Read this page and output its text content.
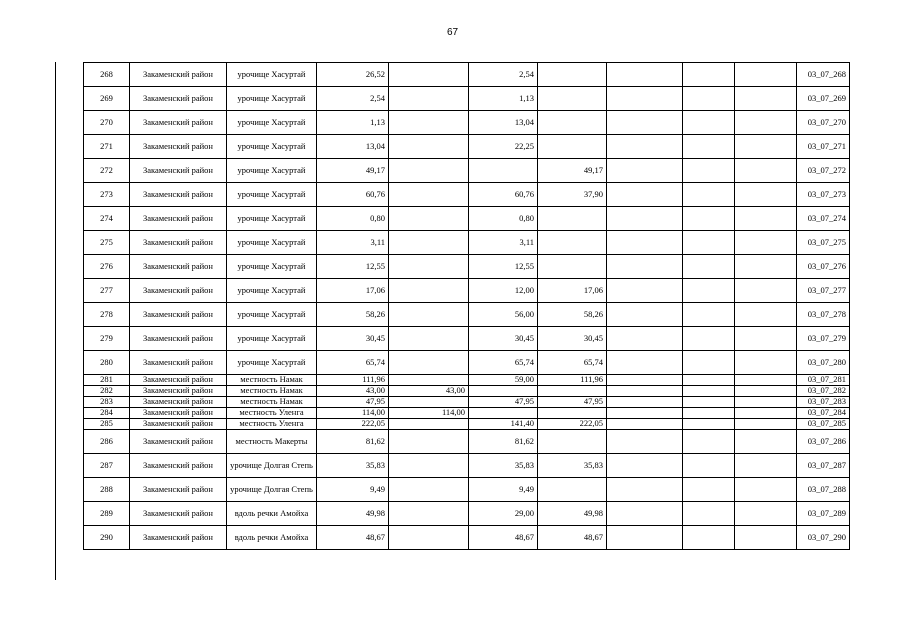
67
268	Закаменский район	урочище Хасуртай	26,52		2,54					03_07_268
269	Закаменский район	урочище Хасуртай	2,54		1,13					03_07_269
270	Закаменский район	урочище Хасуртай	1,13		13,04					03_07_270
271	Закаменский район	урочище Хасуртай	13,04		22,25					03_07_271
272	Закаменский район	урочище Хасуртай	49,17			49,17				03_07_272
273	Закаменский район	урочище Хасуртай	60,76		60,76	37,90				03_07_273
274	Закаменский район	урочище Хасуртай	0,80		0,80					03_07_274
275	Закаменский район	урочище Хасуртай	3,11		3,11					03_07_275
276	Закаменский район	урочище Хасуртай	12,55		12,55					03_07_276
277	Закаменский район	урочище Хасуртай	17,06		12,00	17,06				03_07_277
278	Закаменский район	урочище Хасуртай	58,26		56,00	58,26				03_07_278
279	Закаменский район	урочище Хасуртай	30,45		30,45	30,45				03_07_279
280	Закаменский район	урочище Хасуртай	65,74		65,74	65,74				03_07_280
281	Закаменский район	местность Намак	111,96		59,00	111,96				03_07_281
282	Закаменский район	местность Намак	43,00	43,00						03_07_282
283	Закаменский район	местность Намак	47,95		47,95	47,95				03_07_283
284	Закаменский район	местность Уленга	114,00	114,00						03_07_284
285	Закаменский район	местность Уленга	222,05		141,40	222,05				03_07_285
286	Закаменский район	местность Макерты	81,62		81,62					03_07_286
287	Закаменский район	урочище Долгая Степь	35,83		35,83	35,83				03_07_287
288	Закаменский район	урочище Долгая Степь	9,49		9,49					03_07_288
289	Закаменский район	вдоль речки Амойха	49,98		29,00	49,98				03_07_289
290	Закаменский район	вдоль речки Амойха	48,67		48,67	48,67				03_07_290
